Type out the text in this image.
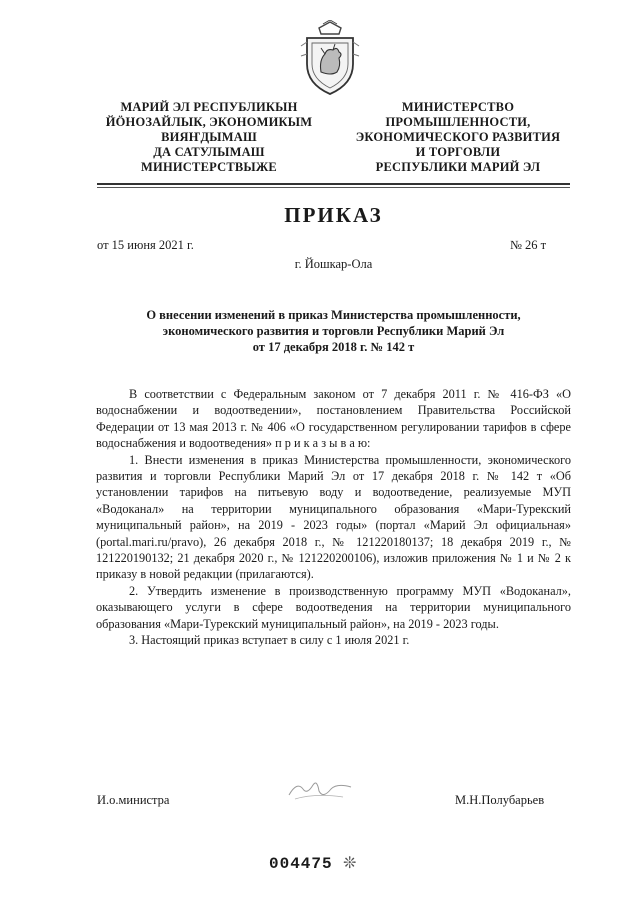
МАРИЙ ЭЛ РЕСПУБЛИКЫН
ЙÖНОЗАЙЛЫК, ЭКОНОМИКЫМ
ВИЯҤДЫМАШ
ДА САТУЛЫМАШ
МИНИСТЕРСТВЫЖЕ
МИНИСТЕРСТВО
ПРОМЫШЛЕННОСТИ,
ЭКОНОМИЧЕСКОГО РАЗВИТИЯ
И ТОРГОВЛИ
РЕСПУБЛИКИ МАРИЙ ЭЛ
ПРИКАЗ
от 15 июня 2021 г.	№ 26 т
г. Йошкар-Ола
О внесении изменений в приказ Министерства промышленности,
экономического развития и торговли Республики Марий Эл
от 17 декабря 2018 г. № 142 т

В соответствии с Федеральным законом от 7 декабря 2011 г. № 416-ФЗ «О водоснабжении и водоотведении», постановлением Правительства Российской Федерации от 13 мая 2013 г. № 406 «О государственном регулировании тарифов в сфере водоснабжения и водоотведения» п р и к а з ы в а ю:

1. Внести изменения в приказ Министерства промышленности, экономического развития и торговли Республики Марий Эл от 17 декабря 2018 г. № 142 т «Об установлении тарифов на питьевую воду и водоотведение, реализуемые МУП «Водоканал» на территории муниципального образования «Мари-Турекский муниципальный район», на 2019 - 2023 годы» (портал «Марий Эл официальная» (portal.mari.ru/pravo), 26 декабря 2018 г., № 121220180137; 18 декабря 2019 г., № 121220190132; 21 декабря 2020 г., № 121220200106), изложив приложения № 1 и № 2 к приказу в новой редакции (прилагаются).

2. Утвердить изменение в производственную программу МУП «Водоканал», оказывающего услуги в сфере водоотведения на территории муниципального образования «Мари-Турекский муниципальный район», на 2019 - 2023 годы.

3. Настоящий приказ вступает в силу с 1 июля 2021 г.

И.о.министра	М.Н.Полубарьев
004475 ❊
